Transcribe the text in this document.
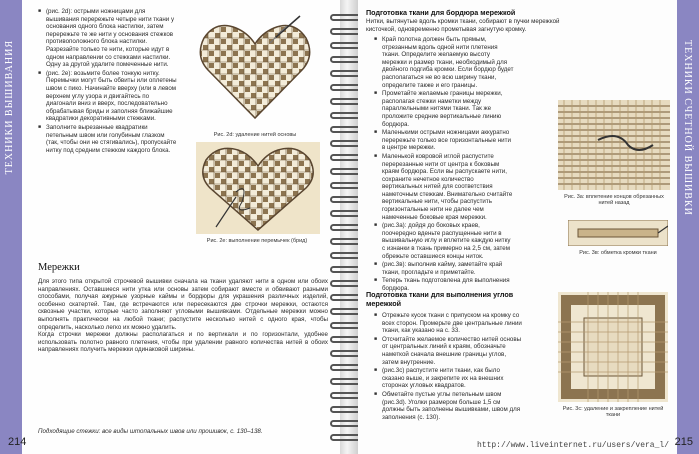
ТЕХНИКИ ВЫШИВАНИЯ
■ (рис. 2d): острыми ножницами для вышивания перережьте четыре нити ткани у основания одного блока настилки, затем перережьте те же нити у основания стежков противоположного блока настилки. Разрезайте только те нити, которые идут в одном направлении со стежками настилки. Одну за другой удалите помеченные нити.
■ (рис. 2e): возьмите более тонкую нитку. Перемычки могут быть обвиты или оплетены швом с пико. Начинайте вверху (или в левом верхнем углу узора и двигайтесь по диагонали вниз и вверх, последовательно обрабатывая бриды и заполняя ближайшие квадратики декоративными стежками.
■ Заполните вырезанные квадратики петельным швом или голубиным глазком (так, чтобы они не стягивались), пропускайте нитку под средним стежком каждого блока.
Рис. 2d: удаление нитей основы
Рис. 2e: выполнение перемычек (брид)
Мережки
Для этого типа открытой строчевой вышивки сначала на ткани удаляют нити в одном или обоих направлениях. Оставшиеся нити утка или основы затем собирают вместе и обвивают разными способами, получая ажурные узорные каймы и бордюры для украшения различных изделий, особенно скатертей. Там, где встречаются или пересекаются две строчки мережки, остаются сквозные участки, которые часто заполняют угловыми вышивками. Отдельные мережки можно выполнять практически на любой ткани; распустите несколько нитей с одного края, чтобы определить, насколько легко их можно удалить.
Когда строчки мережки должны располагаться и по вертикали и по горизонтали, удобнее использовать полотно равного плетения, чтобы при удалении равного количества нитей в обоих направлениях получить мережки одинаковой ширины.
Подходящие стежки: все виды штопальных швов или прошивок, с. 130–138.
214
ТЕХНИКИ СЧЕТНОЙ ВЫШИВКИ
Подготовка ткани для бордюра мережкой
Нитки, вытянутые вдоль кромки ткани, собирают в пучки мережкой кисточкой, одновременно прометывая загнутую кромку.
■ Край полотна должен быть прямым, отрезанным вдоль одной нити плетения ткани. Определите желаемую высоту мережки и размер ткани, необходимый для двойного подгиба кромки. Если бордюр будет располагаться не во всю ширину ткани, определите также и его границы.
■ Прометайте желаемые границы мережки, располагая стежки наметки между параллельными нитями ткани. Так же проложите средние вертикальные линию бордюра.
■ Маленькими острыми ножницами аккуратно перережьте только все горизонтальные нити в центре мережки.
■ Маленькой ковровой иглой распустите перерезанные нити от центра к боковым краям бордюра. Если вы распускаете нити, сохраните нечетное количество вертикальных нитей для соответствия наметочным стежкам. Внимательно считайте вертикальные нити, чтобы распустить горизонтальные нити не далее чем намеченные боковые края мережки.
■ (рис.3а): дойдя до боковых краев, поочередно вденьте распущенные нити в вышивальную иглу и вплетите каждую нитку с изнанки в ткань примерно на 2,5 см, затем обрежьте оставшиеся концы ниток.
■ (рис.3в): выполнив кайму, заметайте край ткани, прогладьте и приметайте.
■ Теперь ткань подготовлена для выполнения бордюра.
Рис. 3a: вплетение концов обрезанных нитей назад
Рис. 3в: обметка кромки ткани
Подготовка ткани для выполнения углов мережкой
■ Отрежьте кусок ткани с припуском на кромку со всех сторон. Промерьте две центральные линии ткани, как указано на с. 33.
■ Отсчитайте желаемое количество нитей основы от центральных линий к краям, обозначьте наметкой сначала внешние границы углов, затем внутренние.
■ (рис.3с) распустите нити ткани, как было сказано выше, и закрепите их на внешних сторонах угловых квадратов.
■ Обметайте пустые углы петельным швом (рис.3d). Уголки размером больше 1,5 см должны быть заполнены вышивками, швом для заполнения (с. 130).
Рис. 3c: удаление и закрепление нитей ткани
215
http://www.liveinternet.ru/users/vera_l/
